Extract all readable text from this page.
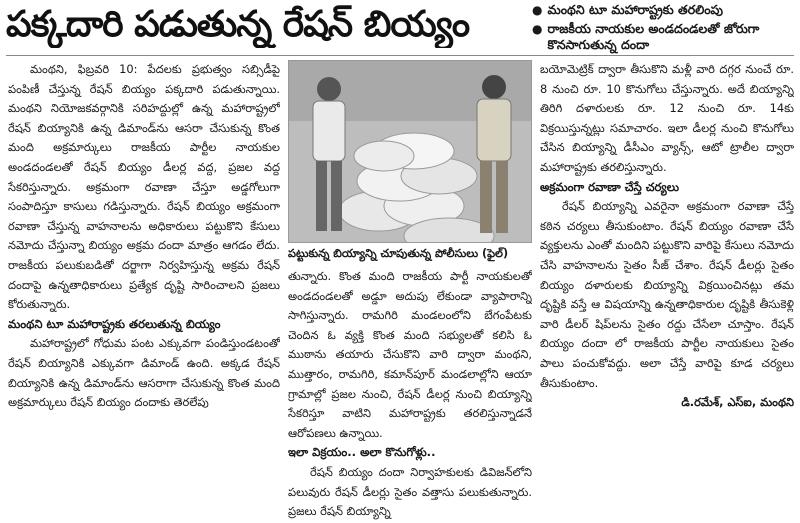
పక్కదారి పడుతున్న రేషన్ బియ్యం	● మంథని టూ మహారాష్ట్రకు తరలింపు
● రాజకీయ నాయకుల అండదండలతో జోరుగా కొనసాగుతున్న దందా

మంథని, ఫిబ్రవరి 10: పేదలకు ప్రభుత్వం సబ్సిడీపై పంపిణీ చేస్తున్న రేషన్ బియ్యం పక్కదారి పడుతున్నాయి. మంథని నియోజకవర్గానికి సరిహద్దుల్లో ఉన్న మహారాష్ట్రలో రేషన్ బియ్యానికి ఉన్న డిమాండ్‌ను ఆసరా చేసుకున్న కొంత మంది అక్రమార్కులు రాజకీయ పార్టీల నాయకుల అండదండలతో రేషన్ బియ్యం డీలర్ల వద్ద, ప్రజల వద్ద సేకరిస్తున్నారు. అక్రమంగా రవాణా చేస్తూ అడ్డగోలుగా సంపాదిస్తూ కాసులు గడిస్తున్నారు. రేషన్ బియ్యం అక్రమంగా రవాణా చేస్తున్న వాహనాలను అధికారులు పట్టుకొని కేసులు నమోదు చేస్తున్నా బియ్యం అక్రమ దందా మాత్రం ఆగడం లేదు. రాజకీయ పలుకుబడితో దర్జాగా నిర్వహిస్తున్న అక్రమ రేషన్ దందాపై ఉన్నతాధికారులు ప్రత్యేక దృష్టి సారించాలని ప్రజలు కోరుతున్నారు.

మంథని టూ మహారాష్ట్రకు తరలుతున్న బియ్యం

మహారాష్ట్రలో గోధుమ పంట ఎక్కువగా పండిస్తుండటంతో రేషన్ బియ్యానికి ఎక్కువగా డిమాండ్ ఉంది. అక్కడ రేషన్ బియ్యానికి ఉన్న డిమాండ్‌ను ఆసరాగా చేసుకున్న కొంత మంది అక్రమార్కులు రేషన్ బియ్యం దందాకు తెరలేపు

పట్టుకున్న బియ్యాన్ని చూపుతున్న పోలీసులు (ఫైల్)

తున్నారు. కొంత మంది రాజకీయ పార్టీ నాయకులతో అండదండలతో అడ్డూ అదుపు లేకుండా వ్యాపారాన్ని సాగిస్తున్నారు. రామగిరి మండలంలోని బేగంపేటకు చెందిన ఓ వ్యక్తి కొంత మంది సభ్యులతో కలిసి ఓ ముఠాను తయారు చేసుకొని వారి ద్వారా మంథని, ముత్తారం, రామగిరి, కమాన్‌పూర్ మండలాల్లోని ఆయా గ్రామాల్లో ప్రజల నుంచి, రేషన్ డీలర్ల నుంచి బియ్యాన్ని సేకరిస్తూ వాటిని మహారాష్ట్రకు తరలిస్తున్నాడనే ఆరోపణలు ఉన్నాయి.

ఇలా విక్రయం.. అలా కొనుగోళ్లు..

రేషన్ బియ్యం దందా నిర్వాహకులకు డివిజన్‌లోని పలువురు రేషన్ డీలర్లు సైతం వత్తాసు పలుకుతున్నారు. ప్రజలు రేషన్ బియ్యాన్ని

బయోమెట్రిక్ ద్వారా తీసుకొని మళ్లీ వారి దగ్గర నుంచే రూ. 8 నుంచి రూ. 10 కొనుగోలు చేస్తున్నారు. అదే బియ్యాన్ని తిరిగి దళారులకు రూ. 12 నుంచి రూ. 14కు విక్రయిస్తున్నట్లు సమాచారం. ఇలా డీలర్ల నుంచి కొనుగోలు చేసిన బియ్యాన్ని డీసీఎం వ్యాన్స్, ఆటో ట్రాలీల ద్వారా మహారాష్ట్రకు తరలిస్తున్నారు.

అక్రమంగా రవాణా చేస్తే చర్యలు

రేషన్ బియ్యాన్ని ఎవరైనా అక్రమంగా రవాణా చేస్తే కఠిన చర్యలు తీసుకుంటాం. రేషన్ బియ్యం రవాణా చేసే వ్యక్తులను ఎంతో మందిని పట్టుకొని వారిపై కేసులు నమోదు చేసి వాహనాలను సైతం సీజ్ చేశాం. రేషన్ డీలర్లు సైతం బియ్యం దళారులకు బియ్యాన్ని విక్రయించినట్లు తమ దృష్టికి వస్తే ఆ విషయాన్ని ఉన్నతాధికారుల దృష్టికి తీసుకెళ్లి వారి డీలర్ షిప్‌లను సైతం రద్దు చేసేలా చూస్తాం. రేషన్ బియ్యం దందా లో రాజకీయ పార్టీల నాయకులు సైతం పాలు పంచుకోవద్దు. అలా చేస్తే వారిపై కూడ చర్యలు తీసుకుంటాం.

డి.రమేశ్, ఎస్ఐ, మంథని
